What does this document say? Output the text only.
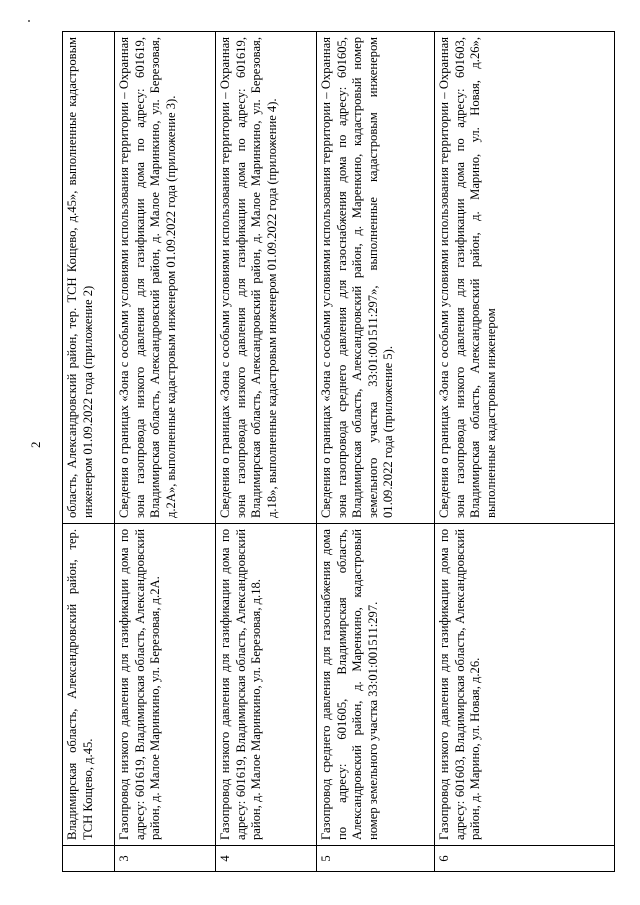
2
	Владимирская область, Александровский район, тер. ТСН Кощево, д.45.	область, Александровский район, тер. ТСН Кощево, д.45», выполненные кадастровым инженером 01.09.2022 года (приложение 2)
3	Газопровод низкого давления для газификации дома по адресу: 601619, Владимирская область, Александровский район, д. Малое Маринкино, ул. Березовая, д.2А.	Сведения о границах «Зона с особыми условиями использования территории – Охранная зона газопровода низкого давления для газификации дома по адресу: 601619, Владимирская область, Александровский район, д. Малое Маринкино, ул. Березовая, д.2А», выполненные кадастровым инженером 01.09.2022 года (приложение 3).
4	Газопровод низкого давления для газификации дома по адресу: 601619, Владимирская область, Александровский район, д. Малое Маринкино, ул. Березовая, д.18.	Сведения о границах «Зона с особыми условиями использования территории – Охранная зона газопровода низкого давления для газификации дома по адресу: 601619, Владимирская область, Александровский район, д. Малое Маринкино, ул. Березовая, д.18», выполненные кадастровым инженером 01.09.2022 года (приложение 4).
5	Газопровод среднего давления для газоснабжения дома по адресу: 601605, Владимирская область, Александровский район, д. Маренкино, кадастровый номер земельного участка 33:01:001511:297.	Сведения о границах «Зона с особыми условиями использования территории – Охранная зона газопровода среднего давления для газоснабжения дома по адресу: 601605, Владимирская область, Александровский район, д. Маренкино, кадастровый номер земельного участка 33:01:001511:297», выполненные кадастровым инженером 01.09.2022 года (приложение 5).
6	Газопровод низкого давления для газификации дома по адресу: 601603, Владимирская область, Александровский район, д. Марино, ул. Новая, д.26.	Сведения о границах «Зона с особыми условиями использования территории – Охранная зона газопровода низкого давления для газификации дома по адресу: 601603, Владимирская область, Александровский район, д. Марино, ул. Новая, д.26», выполненные кадастровым инженером
